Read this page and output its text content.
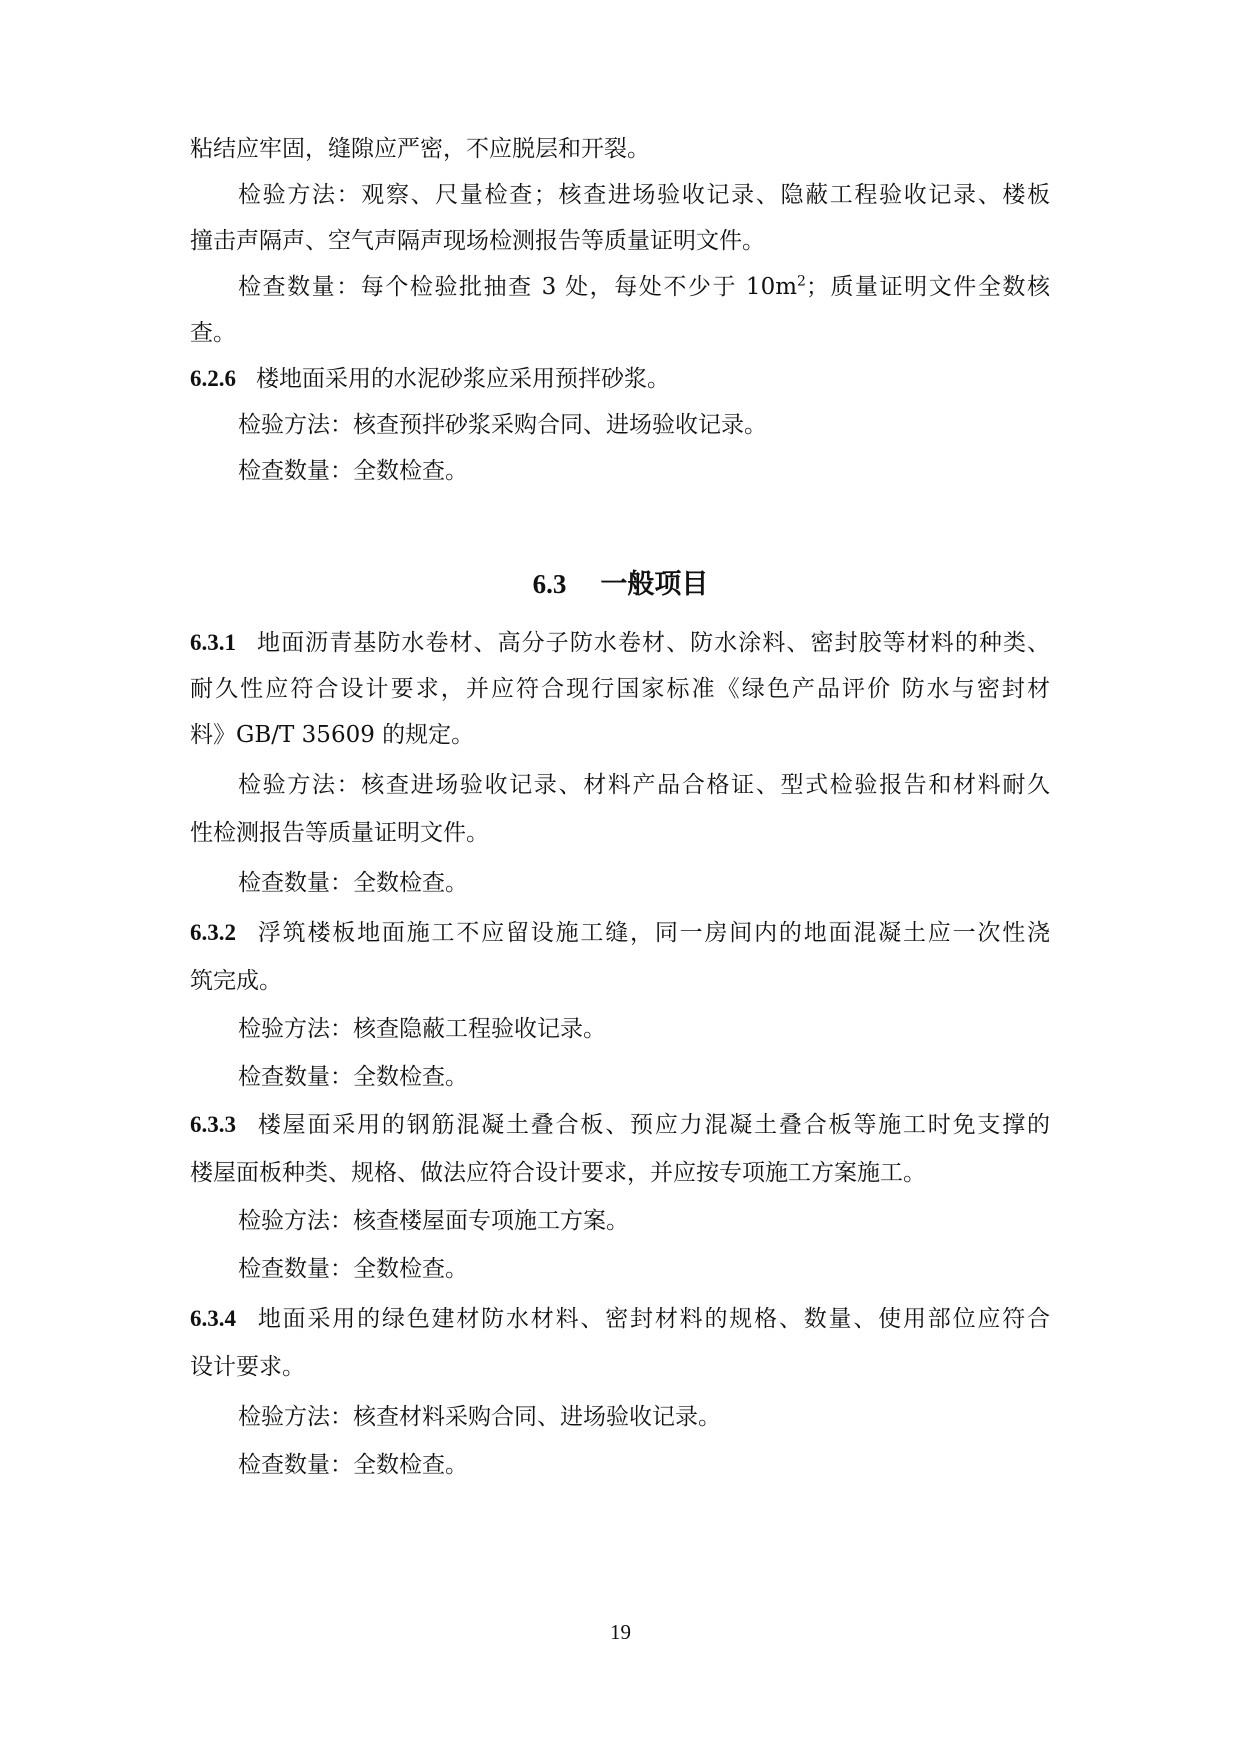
粘结应牢固，缝隙应严密，不应脱层和开裂。
检验方法：观察、尺量检查；核查进场验收记录、隐蔽工程验收记录、楼板
撞击声隔声、空气声隔声现场检测报告等质量证明文件。
检查数量：每个检验批抽查 3 处，每处不少于 $10m^2$；质量证明文件全数核
查。
6.2.6 楼地面采用的水泥砂浆应采用预拌砂浆。
检验方法：核查预拌砂浆采购合同、进场验收记录。
检查数量：全数检查。
6.3 一般项目
6.3.1 地面沥青基防水卷材、高分子防水卷材、防水涂料、密封胶等材料的种类、
耐久性应符合设计要求，并应符合现行国家标准《绿色产品评价 防水与密封材
料》GB/T 35609 的规定。
检验方法：核查进场验收记录、材料产品合格证、型式检验报告和材料耐久
性检测报告等质量证明文件。
检查数量：全数检查。
6.3.2 浮筑楼板地面施工不应留设施工缝，同一房间内的地面混凝土应一次性浇
筑完成。
检验方法：核查隐蔽工程验收记录。
检查数量：全数检查。
6.3.3 楼屋面采用的钢筋混凝土叠合板、预应力混凝土叠合板等施工时免支撑的
楼屋面板种类、规格、做法应符合设计要求，并应按专项施工方案施工。
检验方法：核查楼屋面专项施工方案。
检查数量：全数检查。
6.3.4 地面采用的绿色建材防水材料、密封材料的规格、数量、使用部位应符合
设计要求。
检验方法：核查材料采购合同、进场验收记录。
检查数量：全数检查。
19
